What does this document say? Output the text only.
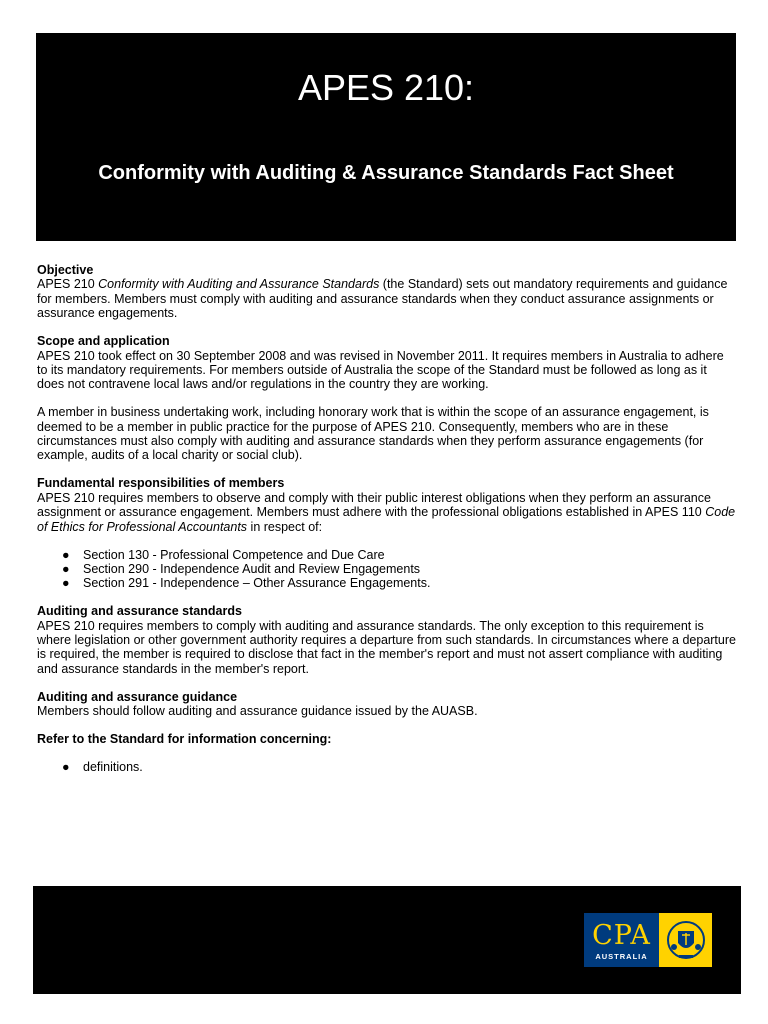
APES 210:
Conformity with Auditing & Assurance Standards Fact Sheet

Objective

APES 210 Conformity with Auditing and Assurance Standards (the Standard) sets out mandatory requirements and guidance for members. Members must comply with auditing and assurance standards when they conduct assurance assignments or assurance engagements.

Scope and application

APES 210 took effect on 30 September 2008 and was revised in November 2011. It requires members in Australia to adhere to its mandatory requirements. For members outside of Australia the scope of the Standard must be followed as long as it does not contravene local laws and/or regulations in the country they are working.

A member in business undertaking work, including honorary work that is within the scope of an assurance engagement, is deemed to be a member in public practice for the purpose of APES 210. Consequently, members who are in these circumstances must also comply with auditing and assurance standards when they perform assurance engagements (for example, audits of a local charity or social club).

Fundamental responsibilities of members

APES 210 requires members to observe and comply with their public interest obligations when they perform an assurance assignment or assurance engagement. Members must adhere with the professional obligations established in APES 110 Code of Ethics for Professional Accountants in respect of:

● Section 130 - Professional Competence and Due Care
● Section 290 - Independence Audit and Review Engagements
● Section 291 - Independence – Other Assurance Engagements.

Auditing and assurance standards

APES 210 requires members to comply with auditing and assurance standards. The only exception to this requirement is where legislation or other government authority requires a departure from such standards. In circumstances where a departure is required, the member is required to disclose that fact in the member's report and must not assert compliance with auditing and assurance standards in the member's report.

Auditing and assurance guidance

Members should follow auditing and assurance guidance issued by the AUASB.

Refer to the Standard for information concerning:

● definitions.
CPA
AUSTRALIA
